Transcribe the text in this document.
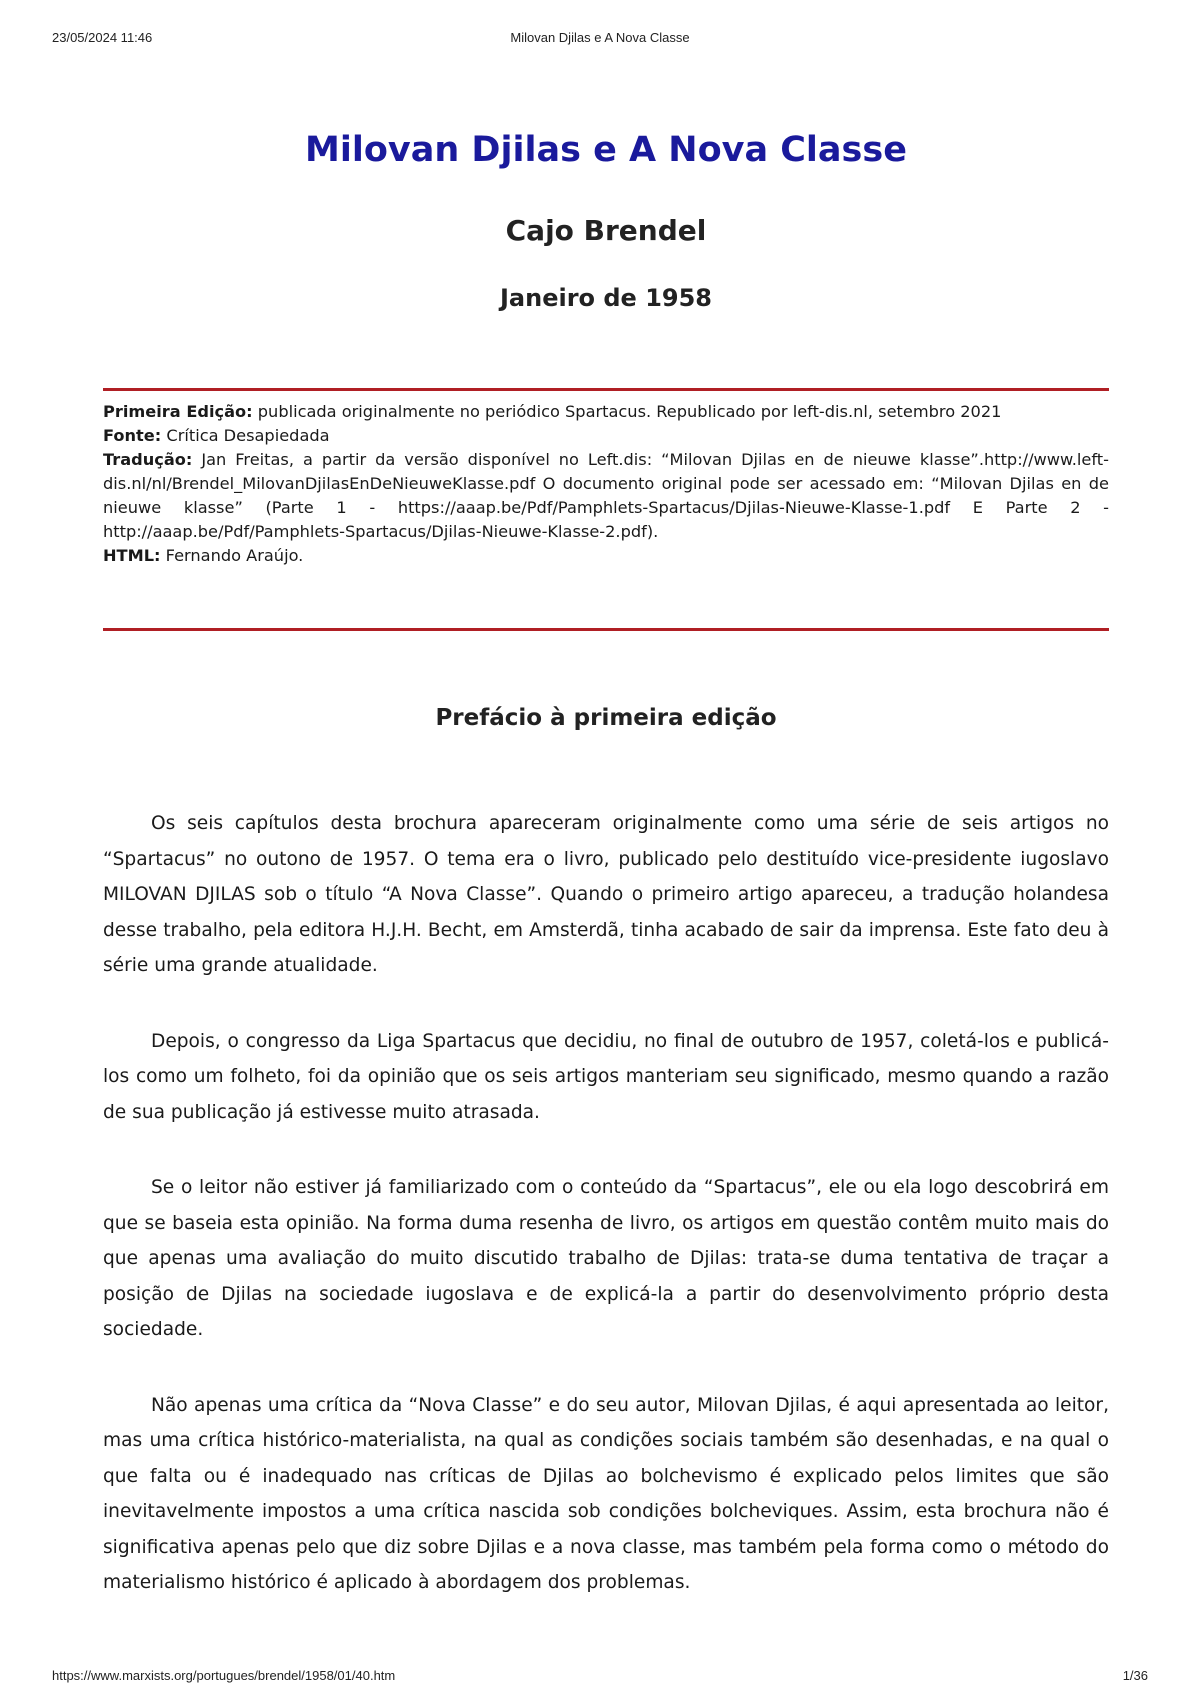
23/05/2024 11:46	Milovan Djilas e A Nova Classe
Milovan Djilas e A Nova Classe
Cajo Brendel
Janeiro de 1958

Primeira Edição: publicada originalmente no periódico Spartacus. Republicado por left-dis.nl, setembro 2021

Fonte: Crítica Desapiedada

Tradução: Jan Freitas, a partir da versão disponível no Left.dis: “Milovan Djilas en de nieuwe klasse”.http://www.left-dis.nl/nl/Brendel_MilovanDjilasEnDeNieuweKlasse.pdf O documento original pode ser acessado em: “Milovan Djilas en de nieuwe klasse” (Parte 1 - https://aaap.be/Pdf/Pamphlets-Spartacus/Djilas-Nieuwe-Klasse-1.pdf E Parte 2 - http://aaap.be/Pdf/Pamphlets-Spartacus/Djilas-Nieuwe-Klasse-2.pdf).

HTML: Fernando Araújo.

Prefácio à primeira edição

Os seis capítulos desta brochura apareceram originalmente como uma série de seis artigos no “Spartacus” no outono de 1957. O tema era o livro, publicado pelo destituído vice-presidente iugoslavo MILOVAN DJILAS sob o título “A Nova Classe”. Quando o primeiro artigo apareceu, a tradução holandesa desse trabalho, pela editora H.J.H. Becht, em Amsterdã, tinha acabado de sair da imprensa. Este fato deu à série uma grande atualidade.

Depois, o congresso da Liga Spartacus que decidiu, no final de outubro de 1957, coletá-los e publicá-los como um folheto, foi da opinião que os seis artigos manteriam seu significado, mesmo quando a razão de sua publicação já estivesse muito atrasada.

Se o leitor não estiver já familiarizado com o conteúdo da “Spartacus”, ele ou ela logo descobrirá em que se baseia esta opinião. Na forma duma resenha de livro, os artigos em questão contêm muito mais do que apenas uma avaliação do muito discutido trabalho de Djilas: trata-se duma tentativa de traçar a posição de Djilas na sociedade iugoslava e de explicá-la a partir do desenvolvimento próprio desta sociedade.

Não apenas uma crítica da “Nova Classe” e do seu autor, Milovan Djilas, é aqui apresentada ao leitor, mas uma crítica histórico-materialista, na qual as condições sociais também são desenhadas, e na qual o que falta ou é inadequado nas críticas de Djilas ao bolchevismo é explicado pelos limites que são inevitavelmente impostos a uma crítica nascida sob condições bolcheviques. Assim, esta brochura não é significativa apenas pelo que diz sobre Djilas e a nova classe, mas também pela forma como o método do materialismo histórico é aplicado à abordagem dos problemas.

https://www.marxists.org/portugues/brendel/1958/01/40.htm	1/36
